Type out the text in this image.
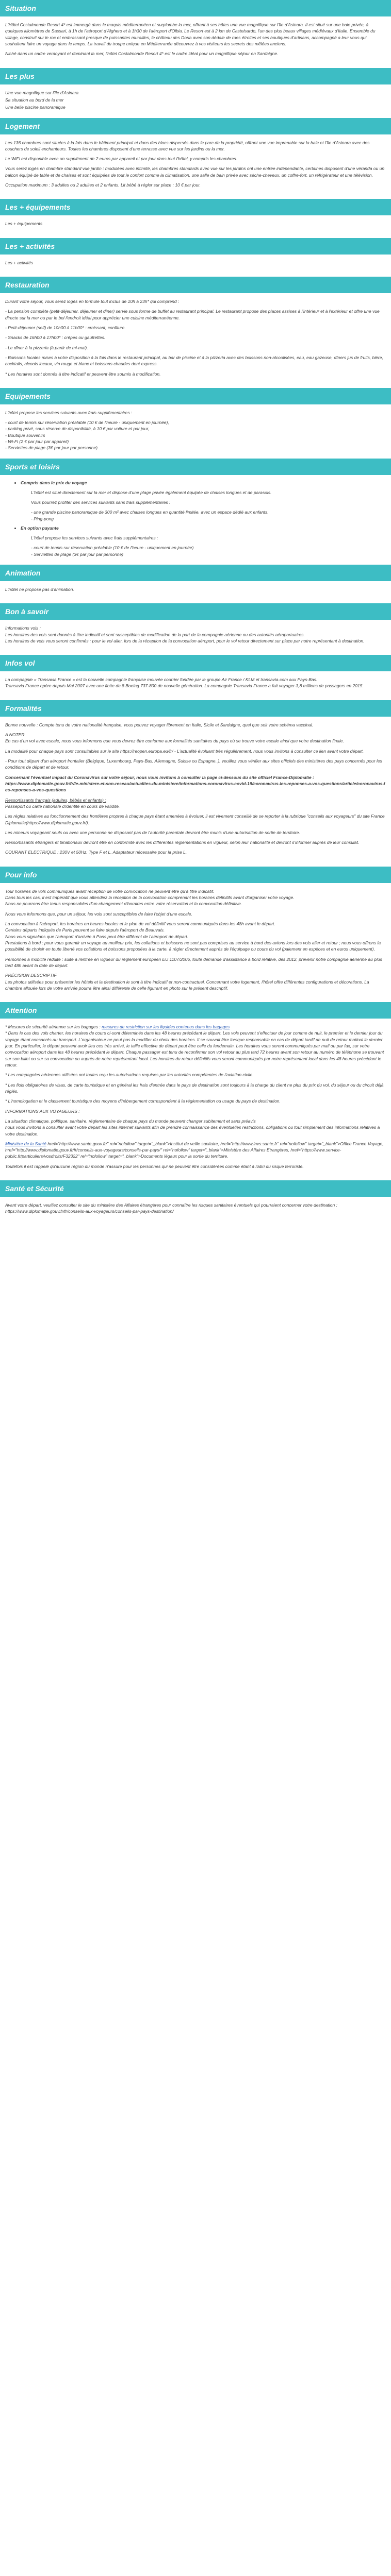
Situation

L'Hôtel Costalmonde Resort 4* est immergé dans le maquis méditerranéen et surplombe la mer, offrant à ses hôtes une vue magnifique sur l'île d'Asinara. Il est situé sur une baie privée, à quelques kilomètres de Sassari, à 1h de l'aéroport d'Alghero et à 1h30 de l'aéroport d'Olbia. Le Resort est à 2 km de Castelsardo, l'un des plus beaux villages médiévaux d'Italie. Ensemble du village, construit sur le roc et embrassant presque de puissantes murailles, le château des Doria avec son dédale de rues étroites et ses boutiques d'artisans, accompagné a leur vous qui souhaitent faire un voyage dans le temps. La travail du troupe unique en Méditerranée découvrez à vos visiteurs les secrets des mêlées anciens.

Niché dans un cadre verdoyant et dominant la mer, l'hôtel Costalmonde Resort 4* est le cadre idéal pour un magnifique séjour en Sardaigne.

Les plus

Une vue magnifique sur l'île d'Asinara

Sa situation au bord de la mer

Une belle piscine panoramique

Logement

Les 136 chambres sont situées à la fois dans le bâtiment principal et dans des blocs dispersés dans le parc de la propriété, offrant une vue imprenable sur la baie et l'île d'Asinara avec des couchers de soleil enchanteurs. Toutes les chambres disposent d'une terrasse avec vue sur les jardins ou la mer.

Le WiFi est disponible avec un supplément de 2 euros par appareil et par jour dans tout l'hôtel, y compris les chambres.

Vous serez logés en chambre standard vue jardin : modulées avec intimité, les chambres standards avec vue sur les jardins ont une entrée indépendante, certaines disposent d'une véranda ou un balcon équipé de table et de chaises et sont équipées de tout le confort comme la climatisation, une salle de bain privée avec sèche-cheveux, un coffre-fort, un réfrigérateur et une télévision.

Occupation maximum : 3 adultes ou 2 adultes et 2 enfants. Lit bébé à régler sur place : 10 € par jour.

Les + équipements

Les + équipements

Les + activités

Les + activités

Restauration

Durant votre séjour, vous serez logés en formule tout inclus de 10h à 23h* qui comprend :

- La pension complète (petit-déjeuner, déjeuner et dîner) servie sous forme de buffet au restaurant principal. Le restaurant propose des places assises à l'intérieur et à l'extérieur et offre une vue directe sur la mer ou par le bel l'endroit idéal pour apprécier une cuisine méditerranéenne.

- Petit-déjeuner (self) de 10h00 à 11h00* : croissant, confiture.

- Snacks de 16h00 à 17h00* : crêpes ou gaufrettes.

- Le dîner à la pizzeria (à partir de mi-mai).

- Boissons locales mises à votre disposition à la fois dans le restaurant principal, au bar de piscine et à la pizzeria avec des boissons non-alcoolisées, eau, eau gazeuse, dîners jus de fruits, bière, cocktails, alcools locaux, vin rouge et blanc et boissons chaudes dont express.

* Les horaires sont donnés à titre indicatif et peuvent être soumis à modification.

Equipements

L'hôtel propose les services suivants avec frais supplémentaires :

- court de tennis sur réservation préalable (10 € de l'heure - uniquement en journée),

- parking privé, sous réserve de disponibilité, à 10 € par voiture et par jour,

- Boutique souvenirs

- Wi-Fi (2 € par jour par appareil)

- Serviettes de plage (3€ par jour par personne).

Sports et loisirs
• Compris dans le prix du voyage

L'hôtel est situé directement sur la mer et dispose d'une plage privée également équipée de chaises longues et de parasols.

Vous pourrez profiter des services suivants sans frais supplémentaires :

- une grande piscine panoramique de 300 m² avec chaises longues en quantité limitée, avec un espace dédié aux enfants,

- Ping-pong

• En option payante

L'hôtel propose les services suivants avec frais supplémentaires :

- court de tennis sur réservation préalable (10 € de l'heure - uniquement en journée)

- Serviettes de plage (3€ par jour par personne)

Animation

L'hôtel ne propose pas d'animation.

Bon à savoir

Informations vols :

Les horaires des vols sont donnés à titre indicatif et sont susceptibles de modification de la part de la compagnie aérienne ou des autorités aéroportuaires.

Les horaires de vols vous seront confirmés : pour le vol aller, lors de la réception de la convocation aéroport, pour le vol retour directement sur place par notre représentant à destination.

Infos vol

La compagnie « Transavia France » est la nouvelle compagnie française mouvée courrier fondée par le groupe Air France / KLM et transavia.com aux Pays-Bas.

Transavia France opère depuis Mai 2007 avec une flotte de 8 Boeing 737-800 de nouvelle génération. La compagnie Transavia France a fait voyager 3,8 millions de passagers en 2015.

Formalités

Bonne nouvelle : Compte tenu de votre nationalité française, vous pouvez voyager librement en Italie, Sicile et Sardaigne, quel que soit votre schéma vaccinal.

A NOTER

En cas d'un vol avec escale, nous vous informons que vous devrez être conforme aux formalités sanitaires du pays où se trouve votre escale ainsi que votre destination finale.

La modalité pour chaque pays sont consultables sur le site https://reopen.europa.eu/fr/ - L'actualité évoluant très régulièrement, nous vous invitons à consulter ce lien avant votre départ.

- Pour tout départ d'un aéroport frontalier (Belgique, Luxembourg, Pays-Bas, Allemagne, Suisse ou Espagne..), veuillez vous vérifier aux sites officiels des ministères des pays concernés pour les conditions de départ et de retour.

Concernant l'éventuel impact du Coronavirus sur votre séjour, nous vous invitons à consulter la page ci-dessous du site officiel France-Diplomatie :

https://www.diplomatie.gouv.fr/fr/le-ministere-et-son-reseau/actualites-du-ministere/informations-coronavirus-covid-19/coronavirus-les-reponses-a-vos-questions/article/coronavirus-les-reponses-a-vos-questions

Ressortissants français (adultes, bébés et enfants) :

Passeport ou carte nationale d'identité en cours de validité.

Les règles relatives au fonctionnement des frontières propres à chaque pays étant amenées à évoluer, il est vivement conseillé de se reporter à la rubrique "conseils aux voyageurs" du site France Diplomatie(https://www.diplomatie.gouv.fr/).

Les mineurs voyageant seuls ou avec une personne ne disposant pas de l'autorité parentale devront être munis d'une autorisation de sortie de territoire.

Ressortissants étrangers et binationaux devront être en conformité avec les différentes réglementations en vigueur, selon leur nationalité et devront s'informer auprès de leur consulat.

COURANT ELECTRIQUE : 230V et 50Hz. Type F et L. Adaptateur nécessaire pour la prise L.

Pour info

Tour horaires de vols communiqués avant réception de votre convocation ne peuvent être qu'à titre indicatif.

Dans tous les cas, il est impératif que vous attendiez la réception de la convocation comprenant les horaires définitifs avant d'organiser votre voyage.

Nous ne pourrons être tenus responsables d'un changement d'horaires entre votre réservation et la convocation définitive.

Nous vous informons que, pour un séjour, les vols sont susceptibles de faire l'objet d'une escale.

La convocation à l'aéroport, les horaires en heures locales et le plan de vol définitif vous seront communiqués dans les 48h avant le départ.

Certains départs indiqués de Paris peuvent se faire depuis l'aéroport de Beauvais.

Nous vous signalons que l'aéroport d'arrivée à Paris peut être différent de l'aéroport de départ.

Prestations à bord : pour vous garantir un voyage au meilleur prix, les collations et boissons ne sont pas comprises au service à bord des avions lors des vols aller et retour ; nous vous offrons la possibilité de choisir en toute liberté vos collations et boissons proposées à la carte, à régler directement auprès de l'équipage ou cours du vol (paiement en espèces et en euros uniquement).

Personnes à mobilité réduite : suite à l'entrée en vigueur du règlement européen EU 1107/2006, toute demande d'assistance à bord relative, dès 2012, prévenir notre compagnie aérienne au plus tard 48h avant la date de départ.

PRÉCISION DESCRIPTIF

Les photos utilisées pour présenter les hôtels et la destination le sont à titre indicatif et non-contractuel. Concernant votre logement, l'hôtel offre différentes configurations et décorations. La chambre allouée lors de votre arrivée pourra être ainsi différente de celle figurant en photo sur le présent descriptif.

Attention

* Mesures de sécurité aérienne sur les bagages : mesures de restriction sur les liquides contenus dans les bagages

* Dans le cas des vols charter, les horaires de cours ci-sont déterminés dans les 48 heures précédant le départ. Les vols peuvent s'effectuer de jour comme de nuit, le premier et le dernier jour du voyage étant consacrés au transport. L'organisateur ne peut pas la modifier du choix des horaires. Il se sauvait être lorsque responsable en cas de départ tardif de nuit de retour matinal le dernier jour. En particulier, le départ peuvent avoir lieu ces très arrivé, le taille effective de départ peut être celle du lendemain. Les horaires vous seront communiqués par mail ou par fax, sur votre convocation aéroport dans les 48 heures précédant le départ. Chaque passager est tenu de reconfirmer son vol retour au plus tard 72 heures avant son retour au numéro de téléphone se trouvant sur son billet ou sur sa convocation ou auprès de notre représentant local. Les horaires du retour définitifs vous seront communiqués par notre représentant local dans les 48 heures précédant le retour.

* Les compagnies aériennes utilisées ont toutes reçu les autorisations requises par les autorités compétentes de l'aviation civile.

* Les fiois obligatoires de visas, de carte touristique et en général les frais d'entrée dans le pays de destination sont toujours à la charge du client ne plus du prix du vol, du séjour ou du circuit déjà réglés.

* L'homologation et le classement touristique des moyens d'hébergement correspondent à la réglementation ou usage du pays de destination.

INFORMATIONS AUX VOYAGEURS :

La situation climatique, politique, sanitaire, réglementaire de chaque pays du monde peuvent changer subitement et sans préavis

nous vous invitons à consulter avant votre départ les sites internet suivants afin de prendre connaissance des éventuelles restrictions, obligations ou tout simplement des informations relatives à votre destination.

Ministère de la Santé href="http://www.sante.gouv.fr/" rel="nofollow" target="_blank">Institut de veille sanitaire, href="http://www.invs.sante.fr" rel="nofollow" target="_blank">Office France Voyage, href="http://www.diplomatie.gouv.fr/fr/conseils-aux-voyageurs/conseils-par-pays/" rel="nofollow" target="_blank">Ministère des Affaires Etrangères, href="https://www.service-public.fr/particuliers/vosdroits/F32322" rel="nofollow" target="_blank">Documents légaux pour la sortie du territoire.

Toutefois il est rappelé qu'aucune région du monde n'assure pour les personnes qui ne peuvent être considérées comme étant à l'abri du risque terroriste.

Santé et Sécurité

Avant votre départ, veuillez consulter le site du ministère des Affaires étrangères pour connaître les risques sanitaires éventuels qui pourraient concerner votre destination : https://www.diplomatie.gouv.fr/fr/conseils-aux-voyageurs/conseils-par-pays-destination/
